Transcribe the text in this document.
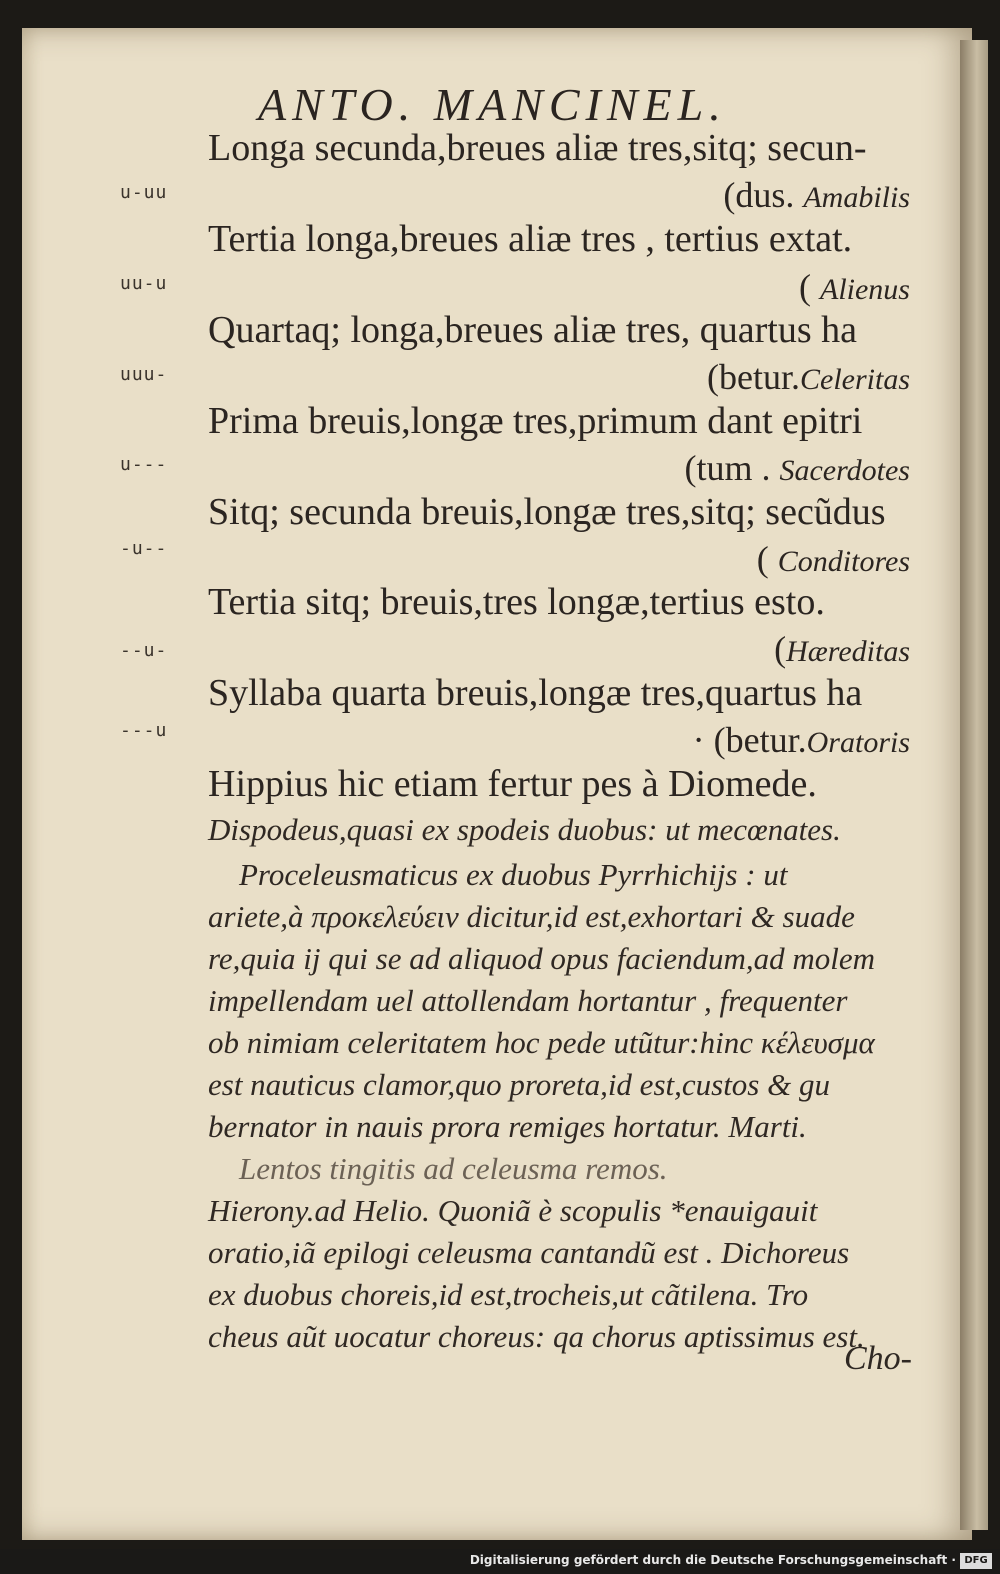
ANTO. MANCINEL.
Longa secunda,breues aliæ tres,sitq; secun-
u-uu	(dus. Amabilis
Tertia longa,breues aliæ tres , tertius extat.
uu-u	( Alienus
Quartaq; longa,breues aliæ tres, quartus ha
uuu-	(betur.Celeritas
Prima breuis,longæ tres,primum dant epitri
u---	(tum . Sacerdotes
Sitq; secunda breuis,longæ tres,sitq; secũdus
-u--	( Conditores
Tertia sitq; breuis,tres longæ,tertius esto.
--u-	(Hæreditas
Syllaba quarta breuis,longæ tres,quartus ha
---u	· (betur.Oratoris
Hippius hic etiam fertur pes à Diomede.
Dispodeus,quasi ex spodeis duobus: ut mecœnates.
Proceleusmaticus ex duobus Pyrrhichijs : ut
ariete,à προκελεύειν dicitur,id est,exhortari & suade
re,quia ij qui se ad aliquod opus faciendum,ad molem
impellendam uel attollendam hortantur , frequenter
ob nimiam celeritatem hoc pede utũtur:hinc κέλευσμα
est nauticus clamor,quo proreta,id est,custos & gu
bernator in nauis prora remiges hortatur. Marti.
Lentos tingitis ad celeusma remos.
Hierony.ad Helio. Quoniã è scopulis *enauigauit
oratio,iã epilogi celeusma cantandũ est . Dichoreus
ex duobus choreis,id est,trocheis,ut cãtilena. Tro
cheus aũt uocatur choreus: qa chorus aptissimus est.
Cho-
Digitalisierung gefördert durch die Deutsche Forschungsgemeinschaft · DFG
